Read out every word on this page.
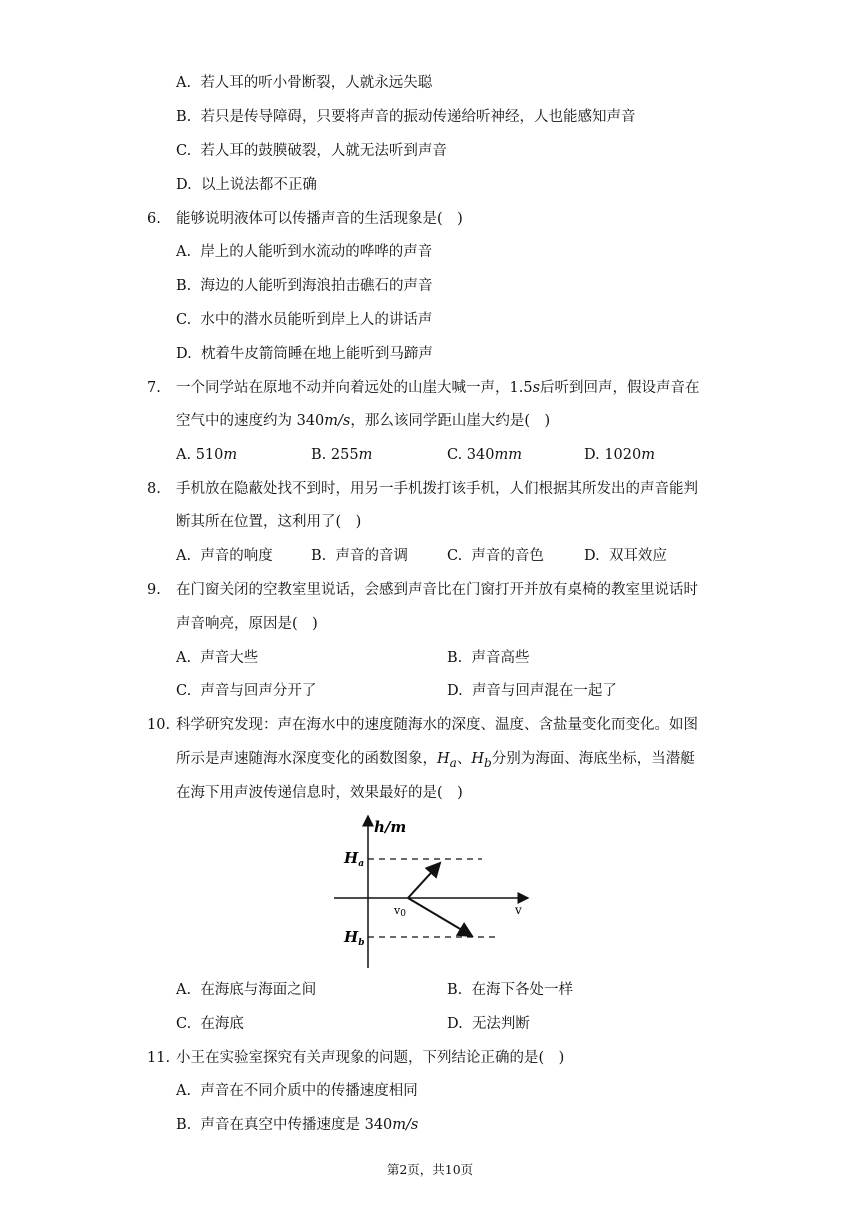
A. 若人耳的听小骨断裂，人就永远失聪
B. 若只是传导障碍，只要将声音的振动传递给听神经，人也能感知声音
C. 若人耳的鼓膜破裂，人就无法听到声音
D. 以上说法都不正确
6. 能够说明液体可以传播声音的生活现象是(　)
A. 岸上的人能听到水流动的哗哗的声音
B. 海边的人能听到海浪拍击礁石的声音
C. 水中的潜水员能听到岸上人的讲话声
D. 枕着牛皮箭筒睡在地上能听到马蹄声
7. 一个同学站在原地不动并向着远处的山崖大喊一声，1.5s后听到回声，假设声音在
空气中的速度约为 340m/s，那么该同学距山崖大约是(　)
A. 510m	B. 255m	C. 340mm	D. 1020m
8. 手机放在隐蔽处找不到时，用另一手机拨打该手机，人们根据其所发出的声音能判
断其所在位置，这利用了(　)
A. 声音的响度	B. 声音的音调	C. 声音的音色	D. 双耳效应
9. 在门窗关闭的空教室里说话，会感到声音比在门窗打开并放有桌椅的教室里说话时
声音响亮，原因是(　)
A. 声音大些	B. 声音高些
C. 声音与回声分开了	D. 声音与回声混在一起了
10. 科学研究发现：声在海水中的速度随海水的深度、温度、含盐量变化而变化。如图
所示是声速随海水深度变化的函数图象，$H_a$、$H_b$分别为海面、海底坐标，当潜艇
在海下用声波传递信息时，效果最好的是(　)
h/m
$H_a$
$H_b$
v0	v
A. 在海底与海面之间	B. 在海下各处一样
C. 在海底	D. 无法判断
11. 小王在实验室探究有关声现象的问题，下列结论正确的是(　)
A. 声音在不同介质中的传播速度相同
B. 声音在真空中传播速度是 340m/s
第2页，共10页
